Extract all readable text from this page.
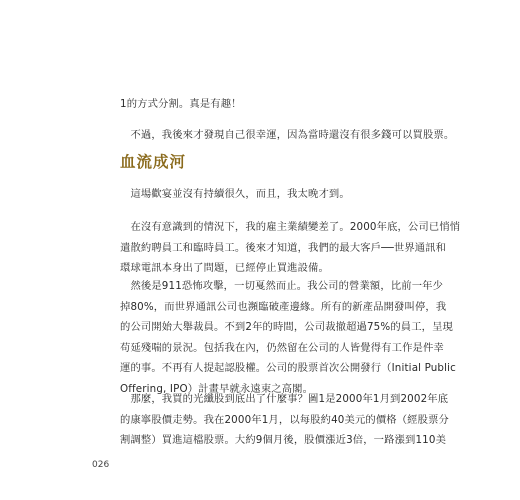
1的方式分割。真是有趣！
　不過，我後來才發現自己很幸運，因為當時還沒有很多錢可以買股票。
血流成河
　這場歡宴並沒有持續很久，而且，我太晚才到。
　在沒有意識到的情況下，我的雇主業績變差了。2000年底，公司已悄悄
遣散約聘員工和臨時員工。後來才知道，我們的最大客戶──世界通訊和
環球電訊本身出了問題，已經停止買進設備。
　然後是911恐怖攻擊，一切戛然而止。我公司的營業額，比前一年少
掉80%，而世界通訊公司也瀕臨破產邊緣。所有的新產品開發叫停，我
的公司開始大舉裁員。不到2年的時間，公司裁撤超過75%的員工，呈現
苟延殘喘的景況。包括我在內，仍然留在公司的人皆覺得有工作是件幸
運的事。不再有人提起認股權。公司的股票首次公開發行（Initial Public
Offering, IPO）計畫早就永遠束之高閣。
　那麼，我買的光纖股到底出了什麼事？圖1是2000年1月到2002年底
的康寧股價走勢。我在2000年1月，以每股約40美元的價格（經股票分
割調整）買進這檔股票。大約9個月後，股價漲近3倍，一路漲到110美

026
